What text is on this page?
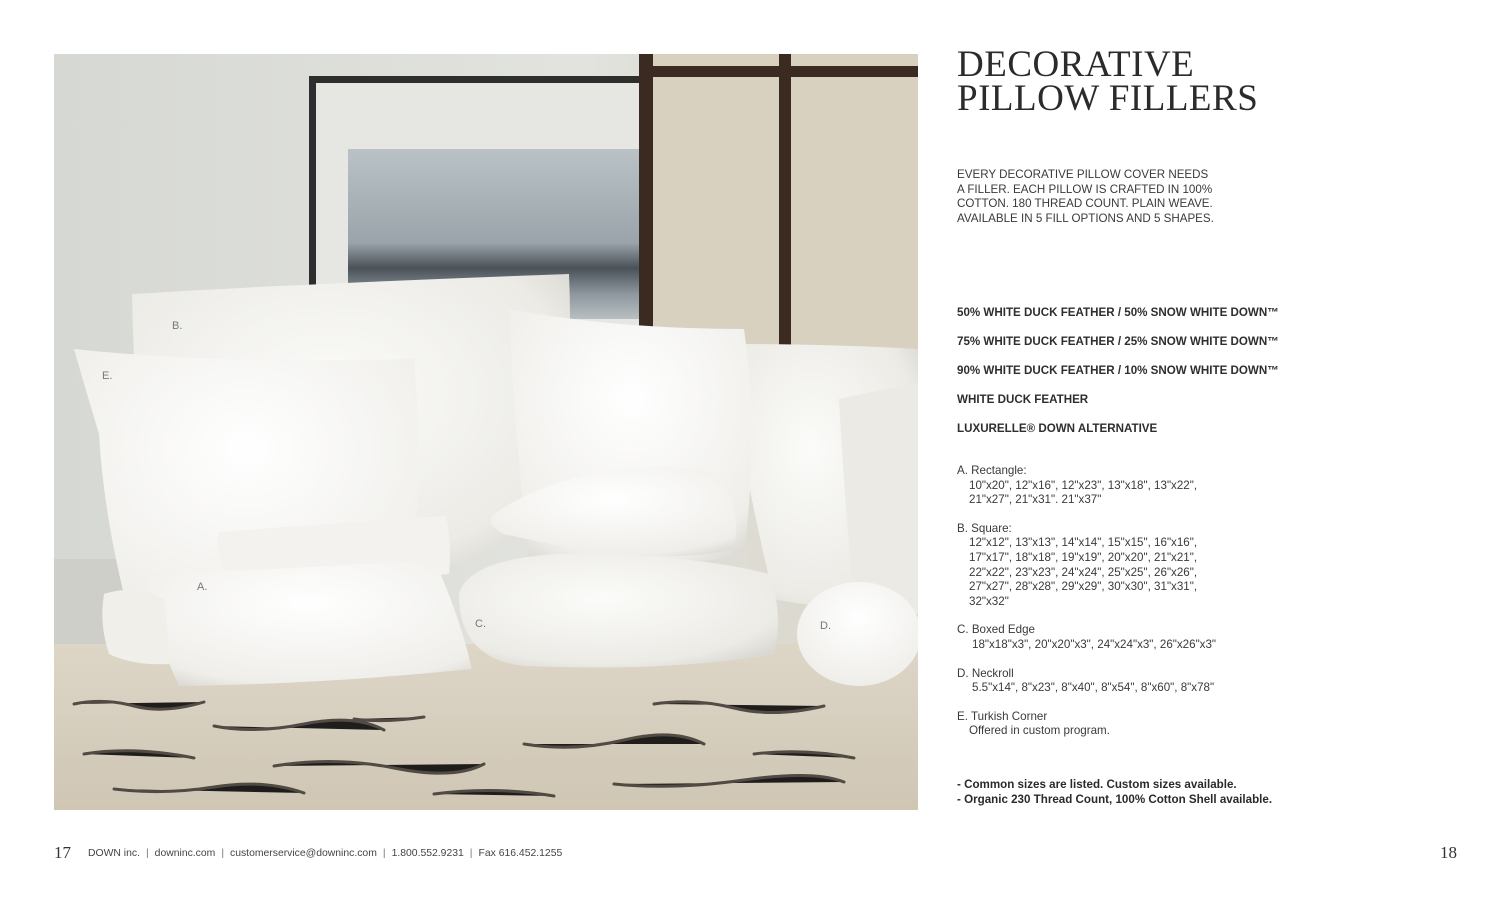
B.
E.
A.
C.	D.
DECORATIVE
PILLOW FILLERS
EVERY DECORATIVE PILLOW COVER NEEDS
A FILLER. EACH PILLOW IS CRAFTED IN 100%
COTTON. 180 THREAD COUNT. PLAIN WEAVE.
AVAILABLE IN 5 FILL OPTIONS AND 5 SHAPES.
50% WHITE DUCK FEATHER / 50% SNOW WHITE DOWN™
75% WHITE DUCK FEATHER / 25% SNOW WHITE DOWN™
90% WHITE DUCK FEATHER / 10% SNOW WHITE DOWN™
WHITE DUCK FEATHER
LUXURELLE® DOWN ALTERNATIVE
A. Rectangle:
10"x20", 12"x16", 12"x23", 13"x18", 13"x22",
21"x27", 21"x31". 21"x37"
B. Square:
12"x12", 13"x13", 14"x14", 15"x15", 16"x16",
17"x17", 18"x18", 19"x19", 20"x20", 21"x21",
22"x22", 23"x23", 24"x24", 25"x25", 26"x26",
27"x27", 28"x28", 29"x29", 30"x30", 31"x31",
32"x32"
C. Boxed Edge
18"x18"x3", 20"x20"x3", 24"x24"x3", 26"x26"x3"
D. Neckroll
5.5"x14", 8"x23", 8"x40", 8"x54", 8"x60", 8"x78"
E. Turkish Corner
Offered in custom program.
- Common sizes are listed. Custom sizes available.
- Organic 230 Thread Count, 100% Cotton Shell available.
17	18
DOWN inc. | downinc.com | customerservice@downinc.com | 1.800.552.9231 | Fax 616.452.1255
